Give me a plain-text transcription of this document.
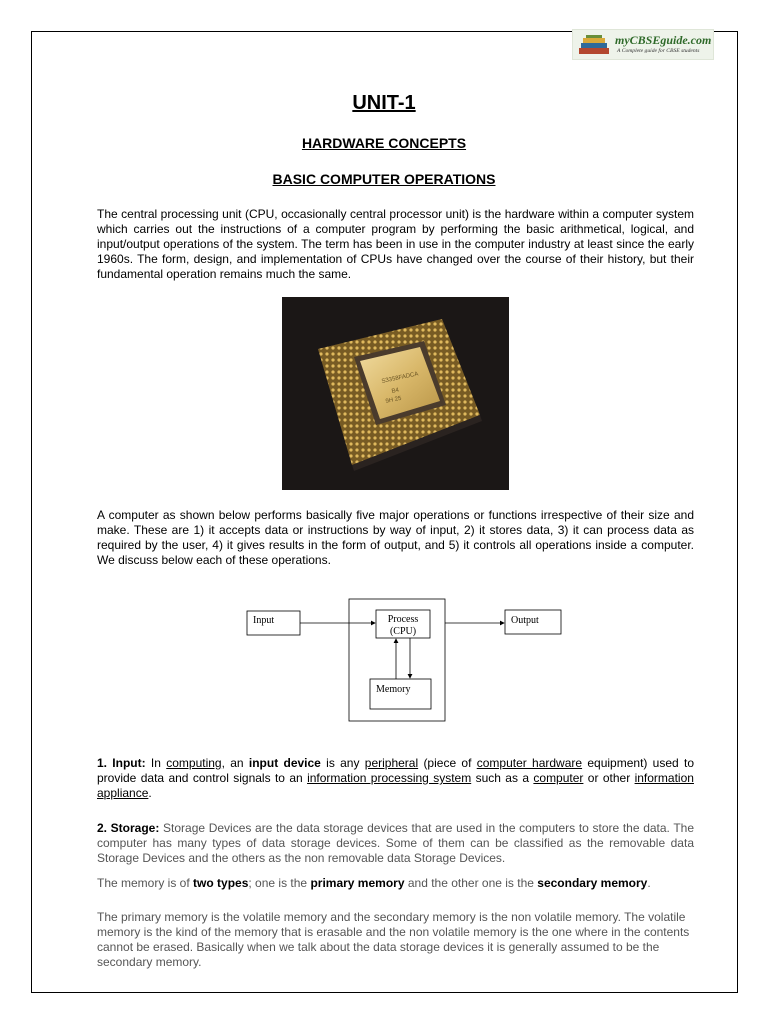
myCBSEguide.com
A Complete guide for CBSE students
UNIT-1
HARDWARE CONCEPTS
BASIC COMPUTER OPERATIONS

The central processing unit (CPU, occasionally central processor unit) is the hardware within a computer system which carries out the instructions of a computer program by performing the basic arithmetical, logical, and input/output operations of the system. The term has been in use in the computer industry at least since the early 1960s. The form, design, and implementation of CPUs have changed over the course of their history, but their fundamental operation remains much the same.

S3358FADCA
B4
9H 25

A computer as shown below performs basically five major operations or functions irrespective of their size and make. These are 1) it accepts data or instructions by way of input, 2) it stores data, 3) it can process data as required by the user, 4) it gives results in the form of output, and 5) it controls all operations inside a computer. We discuss below each of these operations.

Input	Process
(CPU)
Memory
Output

1. Input: In computing, an input device is any peripheral (piece of computer hardware equipment) used to provide data and control signals to an information processing system such as a computer or other information appliance.

2. Storage: Storage Devices are the data storage devices that are used in the computers to store the data. The computer has many types of data storage devices. Some of them can be classified as the removable data Storage Devices and the others as the non removable data Storage Devices.

The memory is of two types; one is the primary memory and the other one is the secondary memory.

The primary memory is the volatile memory and the secondary memory is the non volatile memory. The volatile memory is the kind of the memory that is erasable and the non volatile memory is the one where in the contents cannot be erased. Basically when we talk about the data storage devices it is generally assumed to be the secondary memory.
